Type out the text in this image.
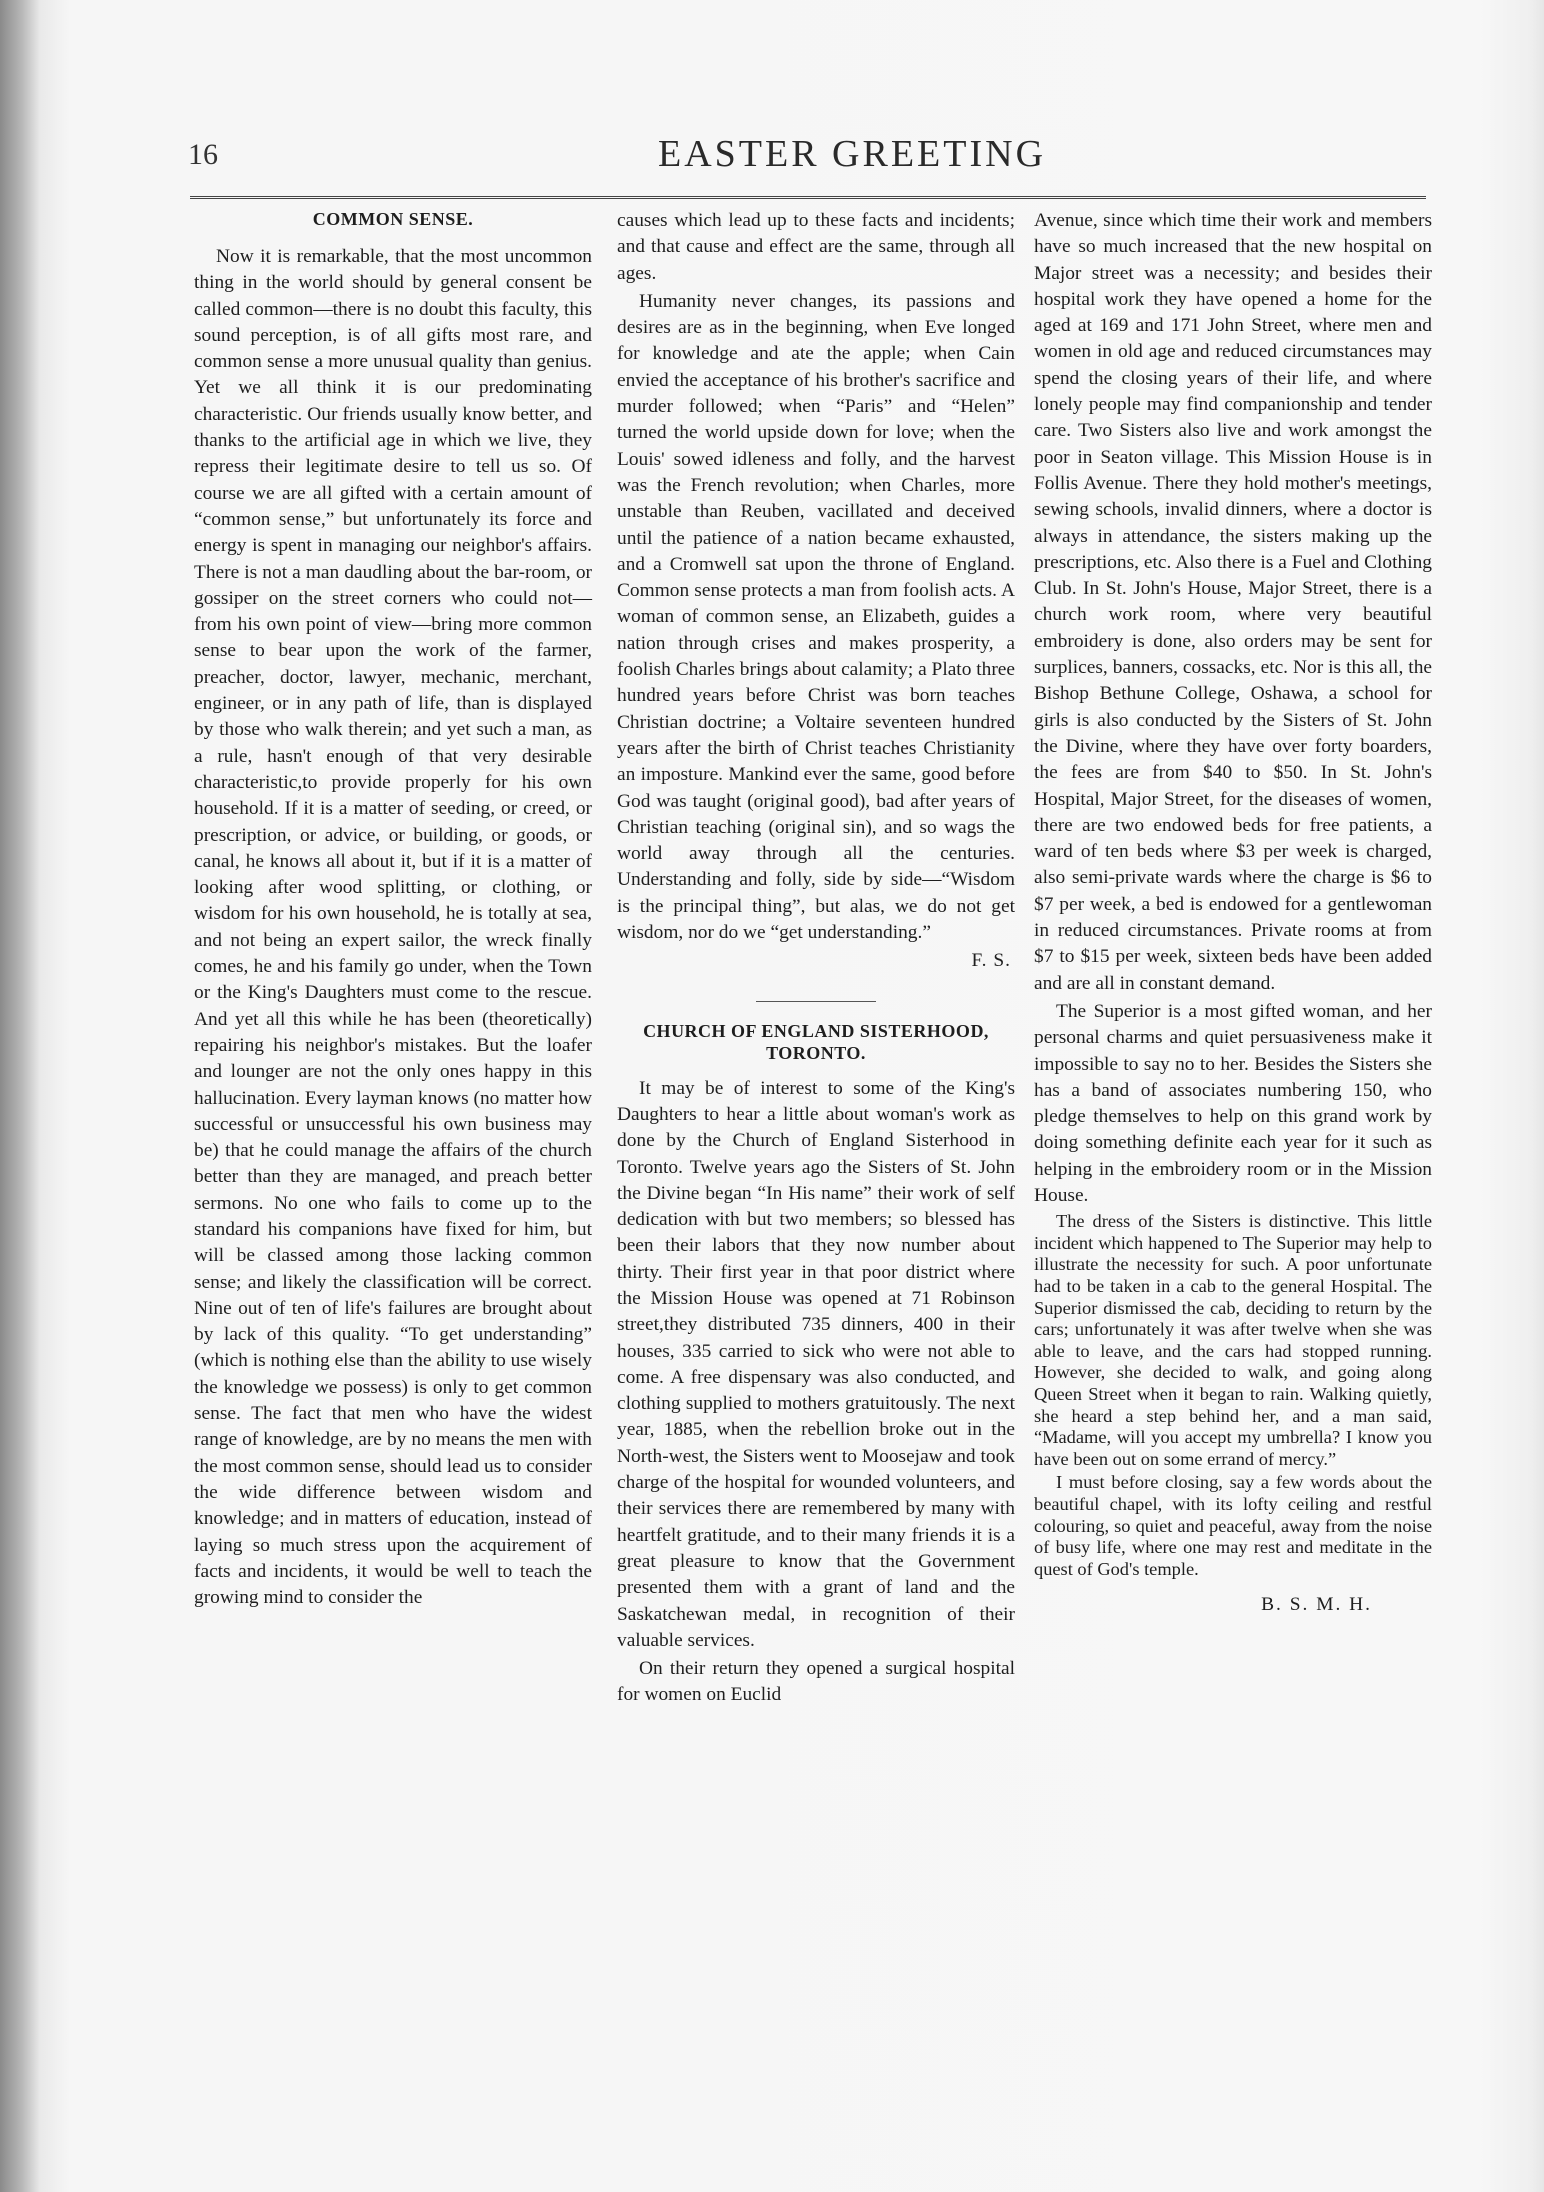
16	EASTER GREETING
COMMON SENSE.

Now it is remarkable, that the most uncommon thing in the world should by general consent be called common—there is no doubt this faculty, this sound perception, is of all gifts most rare, and common sense a more unusual quality than genius. Yet we all think it is our predominating characteristic. Our friends usually know better, and thanks to the artificial age in which we live, they repress their legitimate desire to tell us so. Of course we are all gifted with a certain amount of “common sense,” but unfortunately its force and energy is spent in managing our neighbor's affairs. There is not a man daudling about the bar-room, or gossiper on the street corners who could not—from his own point of view—bring more common sense to bear upon the work of the farmer, preacher, doctor, lawyer, mechanic, merchant, engineer, or in any path of life, than is displayed by those who walk therein; and yet such a man, as a rule, hasn't enough of that very desirable characteristic,to provide properly for his own household. If it is a matter of seeding, or creed, or prescription, or advice, or building, or goods, or canal, he knows all about it, but if it is a matter of looking after wood splitting, or clothing, or wisdom for his own household, he is totally at sea, and not being an expert sailor, the wreck finally comes, he and his family go under, when the Town or the King's Daughters must come to the rescue. And yet all this while he has been (theoretically) repairing his neighbor's mistakes. But the loafer and lounger are not the only ones happy in this hallucination. Every layman knows (no matter how successful or unsuccessful his own business may be) that he could manage the affairs of the church better than they are managed, and preach better sermons. No one who fails to come up to the standard his companions have fixed for him, but will be classed among those lacking common sense; and likely the classification will be correct. Nine out of ten of life's failures are brought about by lack of this quality. “To get understanding” (which is nothing else than the ability to use wisely the knowledge we possess) is only to get common sense. The fact that men who have the widest range of knowledge, are by no means the men with the most common sense, should lead us to consider the wide difference between wisdom and knowledge; and in matters of education, instead of laying so much stress upon the acquirement of facts and incidents, it would be well to teach the growing mind to consider the

causes which lead up to these facts and incidents; and that cause and effect are the same, through all ages.

Humanity never changes, its passions and desires are as in the beginning, when Eve longed for knowledge and ate the apple; when Cain envied the acceptance of his brother's sacrifice and murder followed; when “Paris” and “Helen” turned the world upside down for love; when the Louis' sowed idleness and folly, and the harvest was the French revolution; when Charles, more unstable than Reuben, vacillated and deceived until the patience of a nation became exhausted, and a Cromwell sat upon the throne of England. Common sense protects a man from foolish acts. A woman of common sense, an Elizabeth, guides a nation through crises and makes prosperity, a foolish Charles brings about calamity; a Plato three hundred years before Christ was born teaches Christian doctrine; a Voltaire seventeen hundred years after the birth of Christ teaches Christianity an imposture. Mankind ever the same, good before God was taught (original good), bad after years of Christian teaching (original sin), and so wags the world away through all the centuries. Understanding and folly, side by side—“Wisdom is the principal thing”, but alas, we do not get wisdom, nor do we “get understanding.”

F. S.
CHURCH OF ENGLAND SISTERHOOD, TORONTO.

It may be of interest to some of the King's Daughters to hear a little about woman's work as done by the Church of England Sisterhood in Toronto. Twelve years ago the Sisters of St. John the Divine began “In His name” their work of self dedication with but two members; so blessed has been their labors that they now number about thirty. Their first year in that poor district where the Mission House was opened at 71 Robinson street,they distributed 735 dinners, 400 in their houses, 335 carried to sick who were not able to come. A free dispensary was also conducted, and clothing supplied to mothers gratuitously. The next year, 1885, when the rebellion broke out in the North-west, the Sisters went to Moosejaw and took charge of the hospital for wounded volunteers, and their services there are remembered by many with heartfelt gratitude, and to their many friends it is a great pleasure to know that the Government presented them with a grant of land and the Saskatchewan medal, in recognition of their valuable services.

On their return they opened a surgical hospital for women on Euclid

Avenue, since which time their work and members have so much increased that the new hospital on Major street was a necessity; and besides their hospital work they have opened a home for the aged at 169 and 171 John Street, where men and women in old age and reduced circumstances may spend the closing years of their life, and where lonely people may find companionship and tender care. Two Sisters also live and work amongst the poor in Seaton village. This Mission House is in Follis Avenue. There they hold mother's meetings, sewing schools, invalid dinners, where a doctor is always in attendance, the sisters making up the prescriptions, etc. Also there is a Fuel and Clothing Club. In St. John's House, Major Street, there is a church work room, where very beautiful embroidery is done, also orders may be sent for surplices, banners, cossacks, etc. Nor is this all, the Bishop Bethune College, Oshawa, a school for girls is also conducted by the Sisters of St. John the Divine, where they have over forty boarders, the fees are from $40 to $50. In St. John's Hospital, Major Street, for the diseases of women, there are two endowed beds for free patients, a ward of ten beds where $3 per week is charged, also semi-private wards where the charge is $6 to $7 per week, a bed is endowed for a gentlewoman in reduced circumstances. Private rooms at from $7 to $15 per week, sixteen beds have been added and are all in constant demand.

The Superior is a most gifted woman, and her personal charms and quiet persuasiveness make it impossible to say no to her. Besides the Sisters she has a band of associates numbering 150, who pledge themselves to help on this grand work by doing something definite each year for it such as helping in the embroidery room or in the Mission House.

The dress of the Sisters is distinctive. This little incident which happened to The Superior may help to illustrate the necessity for such. A poor unfortunate had to be taken in a cab to the general Hospital. The Superior dismissed the cab, deciding to return by the cars; unfortunately it was after twelve when she was able to leave, and the cars had stopped running. However, she decided to walk, and going along Queen Street when it began to rain. Walking quietly, she heard a step behind her, and a man said, “Madame, will you accept my umbrella? I know you have been out on some errand of mercy.”

I must before closing, say a few words about the beautiful chapel, with its lofty ceiling and restful colouring, so quiet and peaceful, away from the noise of busy life, where one may rest and meditate in the quest of God's temple.

B. S. M. H.
